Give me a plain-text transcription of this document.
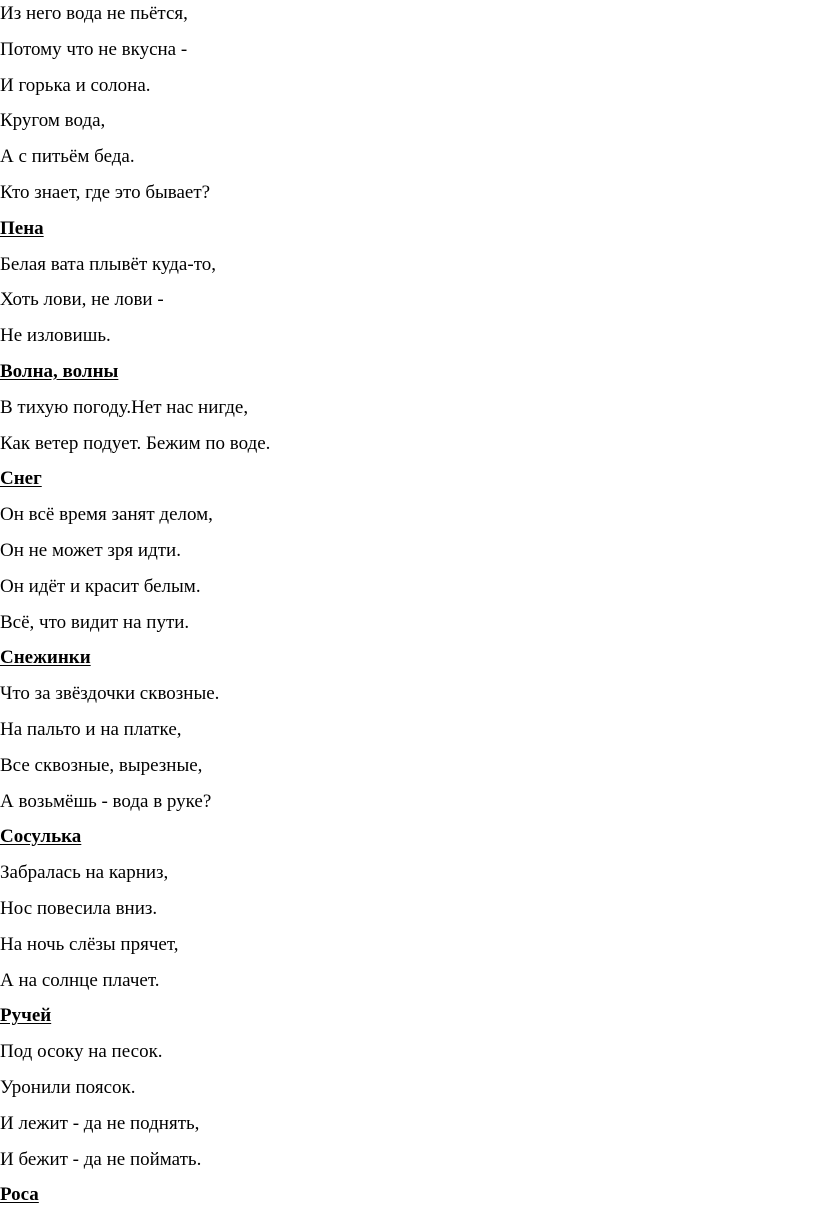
Из него вода не пьётся,
Потому что не вкусна -
И горька и солона.
Кругом вода,
А с питьём беда.
Кто знает, где это бывает?
Пена
Белая вата плывёт куда-то,
Хоть лови, не лови -
Не изловишь.
Волна, волны
В тихую погоду.Нет нас нигде,
Как ветер подует. Бежим по воде.
Снег
Он всё время занят делом,
Он не может зря идти.
Он идёт и красит белым.
Всё, что видит на пути.
Снежинки
Что за звёздочки сквозные.
На пальто и на платке,
Все сквозные, вырезные,
А возьмёшь - вода в руке?
Сосулька
Забралась на карниз,
Нос повесила вниз.
На ночь слёзы прячет,
А на солнце плачет.
Ручей
Под осоку на песок.
Уронили поясок.
И лежит - да не поднять,
И бежит - да не поймать.
Роса
